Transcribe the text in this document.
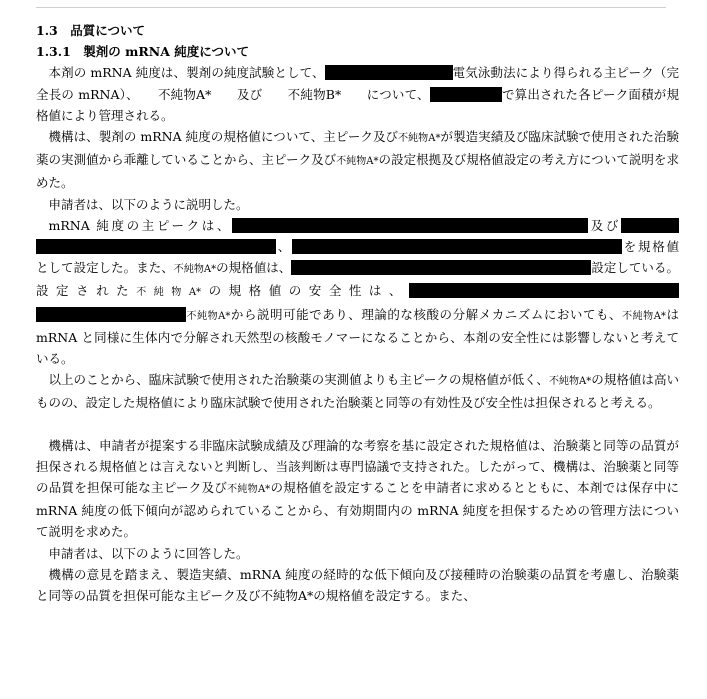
1.3　品質について
1.3.1　製剤の mRNA 純度について

本剤の mRNA 純度は、製剤の純度試験として、	電気泳動法により得られる主ピーク（完全長の mRNA）、　　不純物A*　　及び　　不純物B*　　について、	で算出された各ピーク面積が規格値により管理される。

機構は、製剤の mRNA 純度の規格値について、主ピーク及び不純物A*が製造実績及び臨床試験で使用された治験薬の実測値から乖離していることから、主ピーク及び不純物A*の設定根拠及び規格値設定の考え方について説明を求めた。

申請者は、以下のように説明した。

mRNA 純度の主ピークは、	及び、	を規格値として設定した。また、不純物A*の規格値は、	設定している。設定された不純物A*の規格値の安全性は、不純物A*から説明可能であり、理論的な核酸の分解メカニズムにおいても、不純物A*は mRNA と同様に生体内で分解され天然型の核酸モノマーになることから、本剤の安全性には影響しないと考えている。

以上のことから、臨床試験で使用された治験薬の実測値よりも主ピークの規格値が低く、不純物A*の規格値は高いものの、設定した規格値により臨床試験で使用された治験薬と同等の有効性及び安全性は担保されると考える。

機構は、申請者が提案する非臨床試験成績及び理論的な考察を基に設定された規格値は、治験薬と同等の品質が担保される規格値とは言えないと判断し、当該判断は専門協議で支持された。したがって、機構は、治験薬と同等の品質を担保可能な主ピーク及び不純物A*の規格値を設定することを申請者に求めるとともに、本剤では保存中に mRNA 純度の低下傾向が認められていることから、有効期間内の mRNA 純度を担保するための管理方法について説明を求めた。

申請者は、以下のように回答した。

機構の意見を踏まえ、製造実績、mRNA 純度の経時的な低下傾向及び接種時の治験薬の品質を考慮し、治験薬と同等の品質を担保可能な主ピーク及び不純物A*の規格値を設定する。また、
